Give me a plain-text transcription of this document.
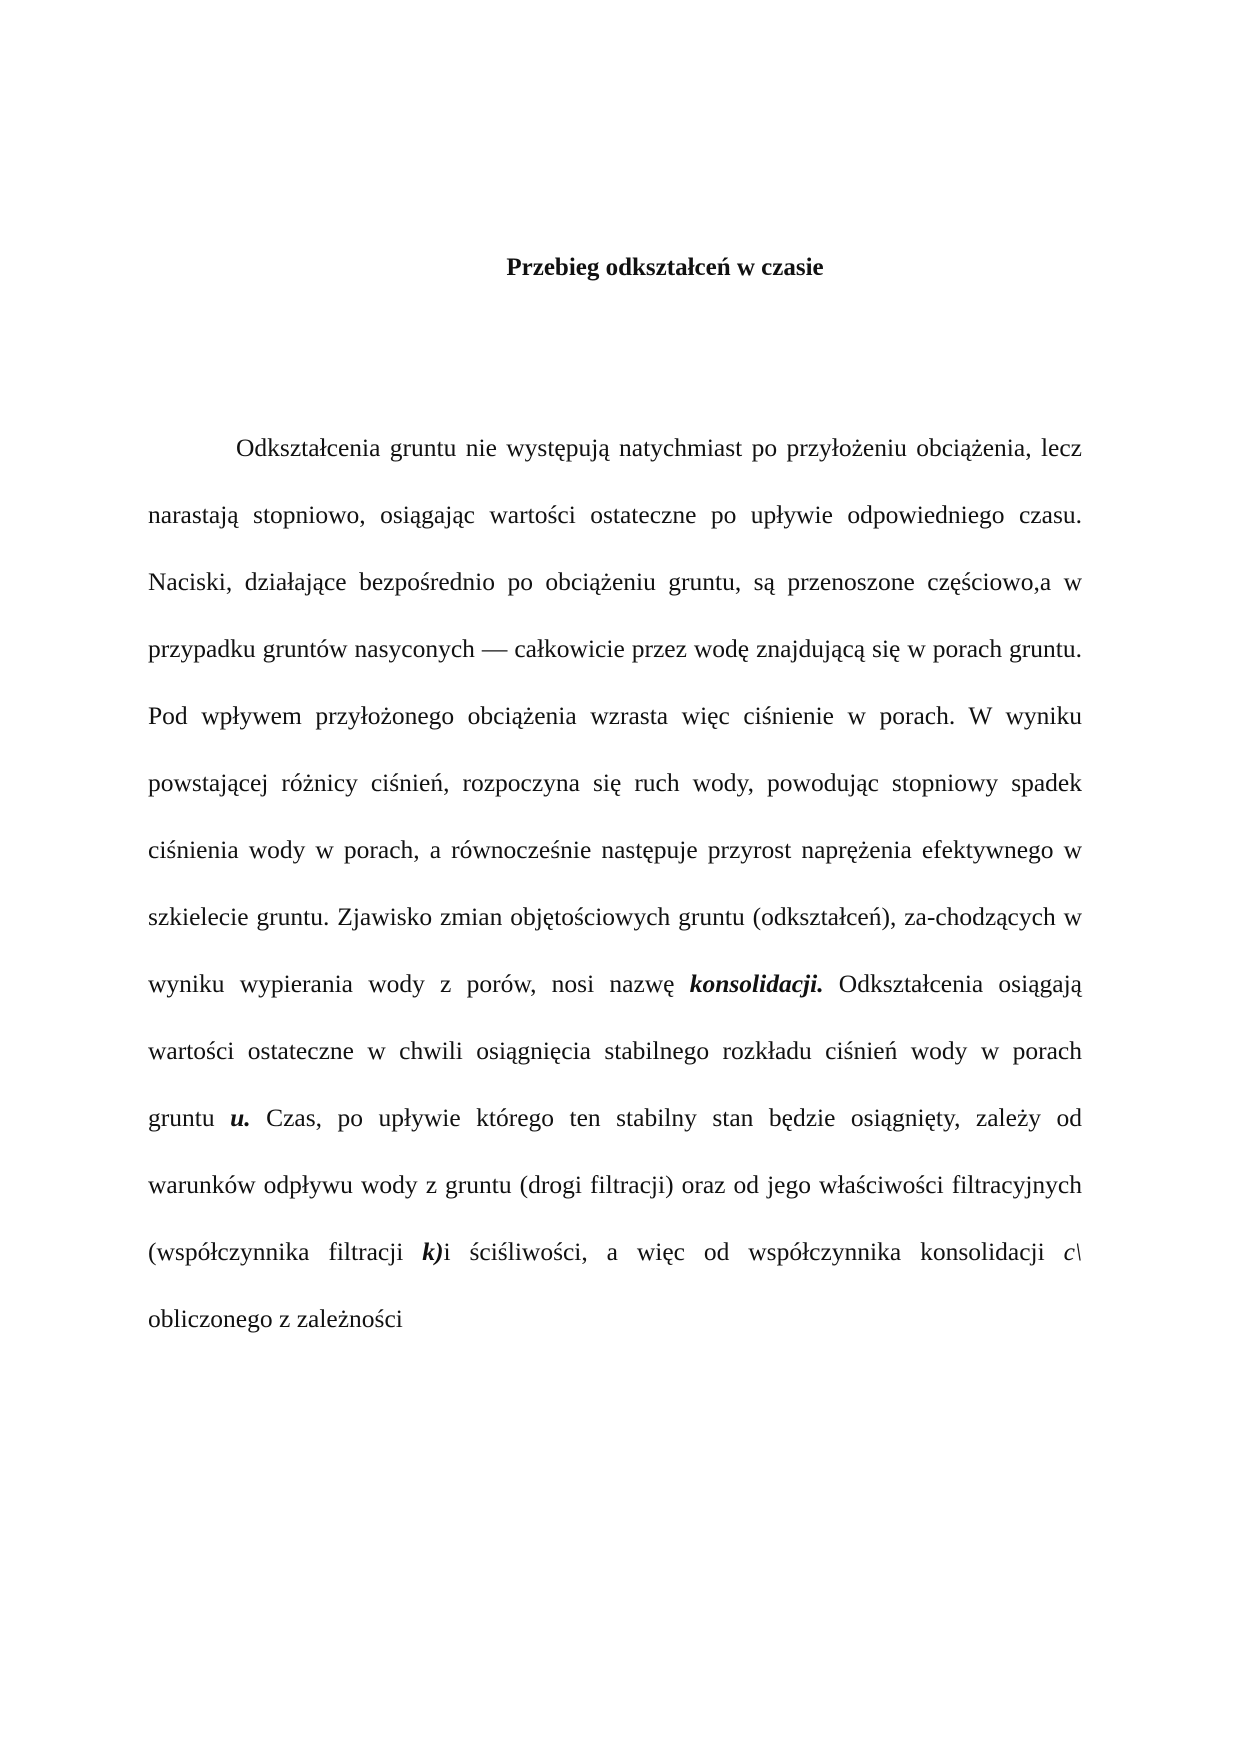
Przebieg odkształceń w czasie

Odkształcenia gruntu nie występują natychmiast po przyłożeniu obciążenia, lecz narastają stopniowo, osiągając wartości ostateczne po upływie odpowiedniego czasu. Naciski, działające bezpośrednio po obciążeniu gruntu, są przenoszone częściowo,a w przypadku gruntów nasyconych — całkowicie przez wodę znajdującą się w porach gruntu. Pod wpływem przyłożonego obciążenia wzrasta więc ciśnienie w porach. W wyniku powstającej różnicy ciśnień, rozpoczyna się ruch wody, powodując stopniowy spadek ciśnienia wody w porach, a równocześnie następuje przyrost naprężenia efektywnego w szkielecie gruntu. Zjawisko zmian objętościowych gruntu (odkształceń), za-chodzących w wyniku wypierania wody z porów, nosi nazwę konsolidacji. Odkształcenia osiągają wartości ostateczne w chwili osiągnięcia stabilnego rozkładu ciśnień wody w porach gruntu u. Czas, po upływie którego ten stabilny stan będzie osiągnięty, zależy od warunków odpływu wody z gruntu (drogi filtracji) oraz od jego właściwości filtracyjnych (współczynnika filtracji k)i ściśliwości, a więc od współczynnika konsolidacji c\ obliczonego z zależności
